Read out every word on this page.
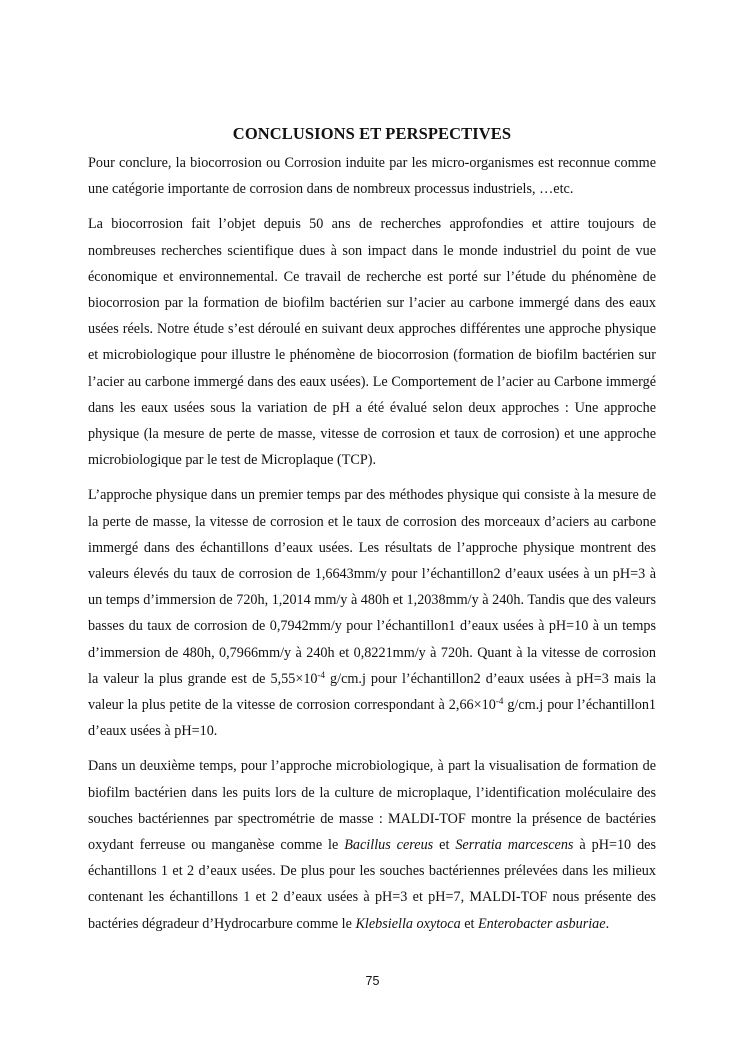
CONCLUSIONS ET PERSPECTIVES

Pour conclure, la biocorrosion ou Corrosion induite par les micro-organismes est reconnue comme une catégorie importante de corrosion dans de nombreux processus industriels, …etc.

La biocorrosion fait l’objet depuis 50 ans de recherches approfondies et attire toujours de nombreuses recherches scientifique dues à son impact dans le monde industriel du point de vue économique et environnemental. Ce travail de recherche est porté sur l’étude du phénomène de biocorrosion par la formation de biofilm bactérien sur l’acier au carbone immergé dans des eaux usées réels. Notre étude s’est déroulé en suivant deux approches différentes une approche physique et microbiologique pour illustre le phénomène de biocorrosion (formation de biofilm bactérien sur l’acier au carbone immergé dans des eaux usées). Le Comportement de l’acier au Carbone immergé dans les eaux usées sous la variation de pH a été évalué selon deux approches : Une approche physique (la mesure de perte de masse, vitesse de corrosion et taux de corrosion) et une approche microbiologique par le test de Microplaque (TCP).

L’approche physique dans un premier temps par des méthodes physique qui consiste à la mesure de la perte de masse, la vitesse de corrosion et le taux de corrosion des morceaux d’aciers au carbone immergé dans des échantillons d’eaux usées. Les résultats de l’approche physique montrent des valeurs élevés du taux de corrosion de 1,6643mm/y pour l’échantillon2 d’eaux usées à un pH=3 à un temps d’immersion de 720h, 1,2014 mm/y à 480h et 1,2038mm/y à 240h. Tandis que des valeurs basses du taux de corrosion de 0,7942mm/y pour l’échantillon1 d’eaux usées à pH=10 à un temps d’immersion de 480h, 0,7966mm/y à 240h et 0,8221mm/y à 720h. Quant à la vitesse de corrosion la valeur la plus grande est de $5,55\times 10^{-4}$ g/cm.j pour l’échantillon2 d’eaux usées à pH=3 mais la valeur la plus petite de la vitesse de corrosion correspondant à $2,66\times 10^{-4}$ g/cm.j pour l’échantillon1 d’eaux usées à pH=10.

Dans un deuxième temps, pour l’approche microbiologique, à part la visualisation de formation de biofilm bactérien dans les puits lors de la culture de microplaque, l’identification moléculaire des souches bactériennes par spectrométrie de masse : MALDI-TOF montre la présence de bactéries oxydant ferreuse ou manganèse comme le Bacillus cereus et Serratia marcescens à pH=10 des échantillons 1 et 2 d’eaux usées. De plus pour les souches bactériennes prélevées dans les milieux contenant les échantillons 1 et 2 d’eaux usées à pH=3 et pH=7, MALDI-TOF nous présente des bactéries dégradeur d’Hydrocarbure comme le Klebsiella oxytoca et Enterobacter asburiae.

75
